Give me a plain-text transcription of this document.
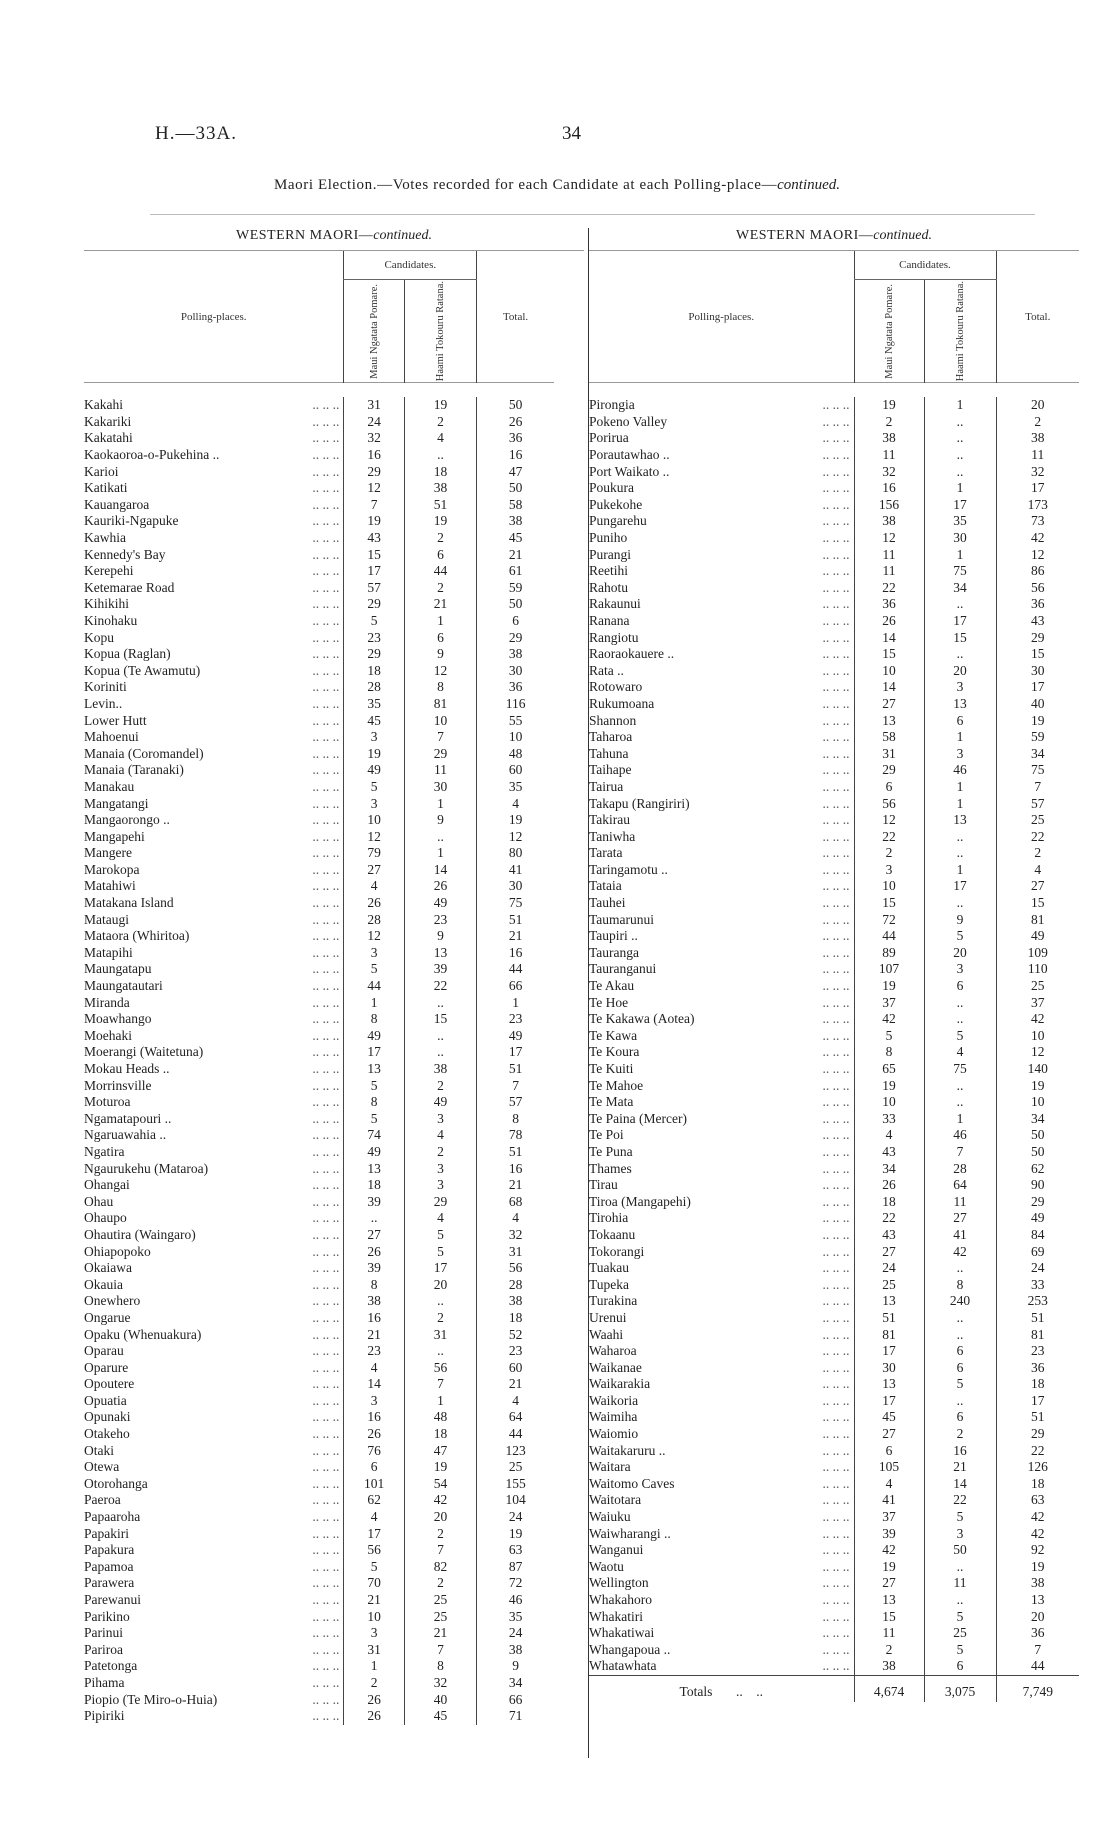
H.—33A.	34
Maori Election.—Votes recorded for each Candidate at each Polling-place—continued.
WESTERN MAORI—continued.
Polling-places.		Candidates.		Total.

		Maui Ngatata Pomare.	Haami Tokouru Ratana.	

Kakahi	.. .. ..	31	19	50
Kakariki	.. .. ..	24	2	26
Kakatahi	.. .. ..	32	4	36
Kaokaoroa-o-Pukehina ..	.. .. ..	16	..	16
Karioi	.. .. ..	29	18	47
Katikati	.. .. ..	12	38	50
Kauangaroa	.. .. ..	7	51	58
Kauriki-Ngapuke	.. .. ..	19	19	38
Kawhia	.. .. ..	43	2	45
Kennedy's Bay	.. .. ..	15	6	21
Kerepehi	.. .. ..	17	44	61
Ketemarae Road	.. .. ..	57	2	59
Kihikihi	.. .. ..	29	21	50
Kinohaku	.. .. ..	5	1	6
Kopu	.. .. ..	23	6	29
Kopua (Raglan)	.. .. ..	29	9	38
Kopua (Te Awamutu)	.. .. ..	18	12	30
Koriniti	.. .. ..	28	8	36
Levin..	.. .. ..	35	81	116
Lower Hutt	.. .. ..	45	10	55
Mahoenui	.. .. ..	3	7	10
Manaia (Coromandel)	.. .. ..	19	29	48
Manaia (Taranaki)	.. .. ..	49	11	60
Manakau	.. .. ..	5	30	35
Mangatangi	.. .. ..	3	1	4
Mangaorongo ..	.. .. ..	10	9	19
Mangapehi	.. .. ..	12	..	12
Mangere	.. .. ..	79	1	80
Marokopa	.. .. ..	27	14	41
Matahiwi	.. .. ..	4	26	30
Matakana Island	.. .. ..	26	49	75
Mataugi	.. .. ..	28	23	51
Mataora (Whiritoa)	.. .. ..	12	9	21
Matapihi	.. .. ..	3	13	16
Maungatapu	.. .. ..	5	39	44
Maungatautari	.. .. ..	44	22	66
Miranda	.. .. ..	1	..	1
Moawhango	.. .. ..	8	15	23
Moehaki	.. .. ..	49	..	49
Moerangi (Waitetuna)	.. .. ..	17	..	17
Mokau Heads ..	.. .. ..	13	38	51
Morrinsville	.. .. ..	5	2	7
Moturoa	.. .. ..	8	49	57
Ngamatapouri ..	.. .. ..	5	3	8
Ngaruawahia ..	.. .. ..	74	4	78
Ngatira	.. .. ..	49	2	51
Ngaurukehu (Mataroa)	.. .. ..	13	3	16
Ohangai	.. .. ..	18	3	21
Ohau	.. .. ..	39	29	68
Ohaupo	.. .. ..	..	4	4
Ohautira (Waingaro)	.. .. ..	27	5	32
Ohiapopoko	.. .. ..	26	5	31
Okaiawa	.. .. ..	39	17	56
Okauia	.. .. ..	8	20	28
Onewhero	.. .. ..	38	..	38
Ongarue	.. .. ..	16	2	18
Opaku (Whenuakura)	.. .. ..	21	31	52
Oparau	.. .. ..	23	..	23
Oparure	.. .. ..	4	56	60
Opoutere	.. .. ..	14	7	21
Opuatia	.. .. ..	3	1	4
Opunaki	.. .. ..	16	48	64
Otakeho	.. .. ..	26	18	44
Otaki	.. .. ..	76	47	123
Otewa	.. .. ..	6	19	25
Otorohanga	.. .. ..	101	54	155
Paeroa	.. .. ..	62	42	104
Papaaroha	.. .. ..	4	20	24
Papakiri	.. .. ..	17	2	19
Papakura	.. .. ..	56	7	63
Papamoa	.. .. ..	5	82	87
Parawera	.. .. ..	70	2	72
Parewanui	.. .. ..	21	25	46
Parikino	.. .. ..	10	25	35
Parinui	.. .. ..	3	21	24
Pariroa	.. .. ..	31	7	38
Patetonga	.. .. ..	1	8	9
Pihama	.. .. ..	2	32	34
Piopio (Te Miro-o-Huia)	.. .. ..	26	40	66
Pipiriki	.. .. ..	26	45	71
WESTERN MAORI—continued.
Polling-places.		Candidates.		Total.

		Maui Ngatata Pomare.	Haami Tokouru Ratana.	

Pirongia	.. .. ..	19	1	20
Pokeno Valley	.. .. ..	2	..	2
Porirua	.. .. ..	38	..	38
Porautawhao ..	.. .. ..	11	..	11
Port Waikato ..	.. .. ..	32	..	32
Poukura	.. .. ..	16	1	17
Pukekohe	.. .. ..	156	17	173
Pungarehu	.. .. ..	38	35	73
Puniho	.. .. ..	12	30	42
Purangi	.. .. ..	11	1	12
Reetihi	.. .. ..	11	75	86
Rahotu	.. .. ..	22	34	56
Rakaunui	.. .. ..	36	..	36
Ranana	.. .. ..	26	17	43
Rangiotu	.. .. ..	14	15	29
Raoraokauere ..	.. .. ..	15	..	15
Rata ..	.. .. ..	10	20	30
Rotowaro	.. .. ..	14	3	17
Rukumoana	.. .. ..	27	13	40
Shannon	.. .. ..	13	6	19
Taharoa	.. .. ..	58	1	59
Tahuna	.. .. ..	31	3	34
Taihape	.. .. ..	29	46	75
Tairua	.. .. ..	6	1	7
Takapu (Rangiriri)	.. .. ..	56	1	57
Takirau	.. .. ..	12	13	25
Taniwha	.. .. ..	22	..	22
Tarata	.. .. ..	2	..	2
Taringamotu ..	.. .. ..	3	1	4
Tataia	.. .. ..	10	17	27
Tauhei	.. .. ..	15	..	15
Taumarunui	.. .. ..	72	9	81
Taupiri ..	.. .. ..	44	5	49
Tauranga	.. .. ..	89	20	109
Tauranganui	.. .. ..	107	3	110
Te Akau	.. .. ..	19	6	25
Te Hoe	.. .. ..	37	..	37
Te Kakawa (Aotea)	.. .. ..	42	..	42
Te Kawa	.. .. ..	5	5	10
Te Koura	.. .. ..	8	4	12
Te Kuiti	.. .. ..	65	75	140
Te Mahoe	.. .. ..	19	..	19
Te Mata	.. .. ..	10	..	10
Te Paina (Mercer)	.. .. ..	33	1	34
Te Poi	.. .. ..	4	46	50
Te Puna	.. .. ..	43	7	50
Thames	.. .. ..	34	28	62
Tirau	.. .. ..	26	64	90
Tiroa (Mangapehi)	.. .. ..	18	11	29
Tirohia	.. .. ..	22	27	49
Tokaanu	.. .. ..	43	41	84
Tokorangi	.. .. ..	27	42	69
Tuakau	.. .. ..	24	..	24
Tupeka	.. .. ..	25	8	33
Turakina	.. .. ..	13	240	253
Urenui	.. .. ..	51	..	51
Waahi	.. .. ..	81	..	81
Waharoa	.. .. ..	17	6	23
Waikanae	.. .. ..	30	6	36
Waikarakia	.. .. ..	13	5	18
Waikoria	.. .. ..	17	..	17
Waimiha	.. .. ..	45	6	51
Waiomio	.. .. ..	27	2	29
Waitakaruru ..	.. .. ..	6	16	22
Waitara	.. .. ..	105	21	126
Waitomo Caves	.. .. ..	4	14	18
Waitotara	.. .. ..	41	22	63
Waiuku	.. .. ..	37	5	42
Waiwharangi ..	.. .. ..	39	3	42
Wanganui	.. .. ..	42	50	92
Waotu	.. .. ..	19	..	19
Wellington	.. .. ..	27	11	38
Whakahoro	.. .. ..	13	..	13
Whakatiri	.. .. ..	15	5	20
Whakatiwai	.. .. ..	11	25	36
Whangapoua ..	.. .. ..	2	5	7
Whatawhata	.. .. ..	38	6	44
Totals       ..    ..		4,674	3,075	7,749
